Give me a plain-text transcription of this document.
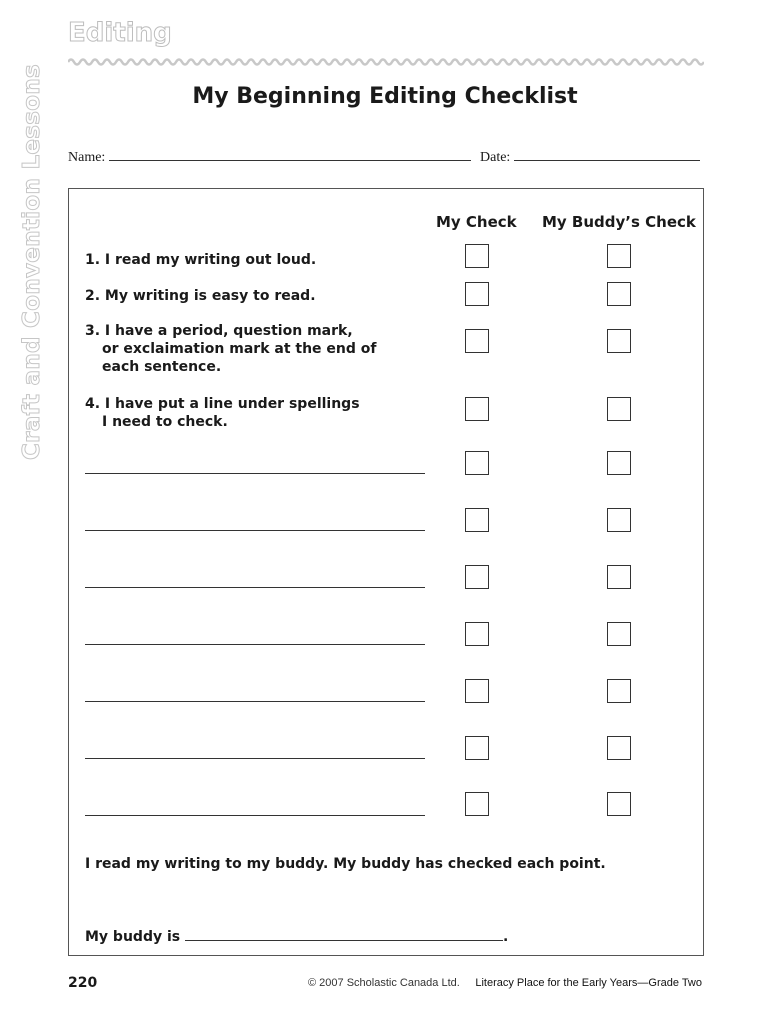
Craft and Convention Lessons
Editing
My Beginning Editing Checklist
Name:	Date:
My Check My Buddy’s Check
1. I read my writing out loud.
2. My writing is easy to read.
3. I have a period, question mark,
or exclaimation mark at the end of
each sentence.
4. I have put a line under spellings
I need to check.
I read my writing to my buddy. My buddy has checked each point.
My buddy is	.
220	© 2007 Scholastic Canada Ltd. Literacy Place for the Early Years—Grade Two
